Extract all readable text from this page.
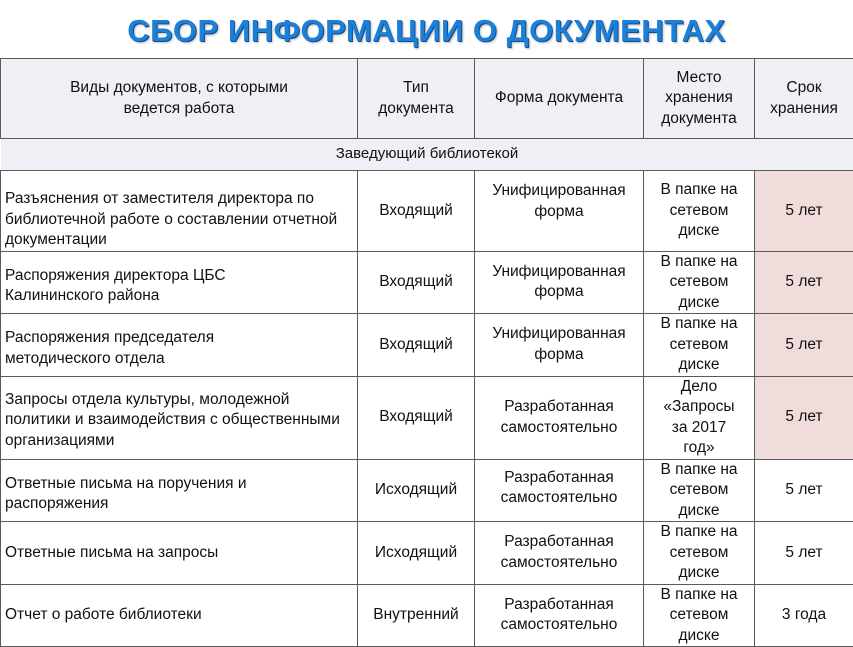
СБОР ИНФОРМАЦИИ О ДОКУМЕНТАХ
Виды документов, с которыми ведется работа	Тип документа	Форма документа	Место хранения документа	Срок хранения
Заведующий библиотекой				
Разъяснения от заместителя директора по библиотечной работе о составлении отчетной документации	Входящий	Унифицированная форма	В папке на сетевом диске	5 лет
Распоряжения директора ЦБС Калининского района	Входящий	Унифицированная форма	В папке на сетевом диске	5 лет
Распоряжения председателя методического отдела	Входящий	Унифицированная форма	В папке на сетевом диске	5 лет
Запросы отдела культуры, молодежной политики и взаимодействия с общественными организациями	Входящий	Разработанная самостоятельно	Дело «Запросы за 2017 год»	5 лет
Ответные письма на поручения и распоряжения	Исходящий	Разработанная самостоятельно	В папке на сетевом диске	5 лет
Ответные письма на запросы	Исходящий	Разработанная самостоятельно	В папке на сетевом диске	5 лет
Отчет о работе библиотеки	Внутренний	Разработанная самостоятельно	В папке на сетевом диске	3 года
